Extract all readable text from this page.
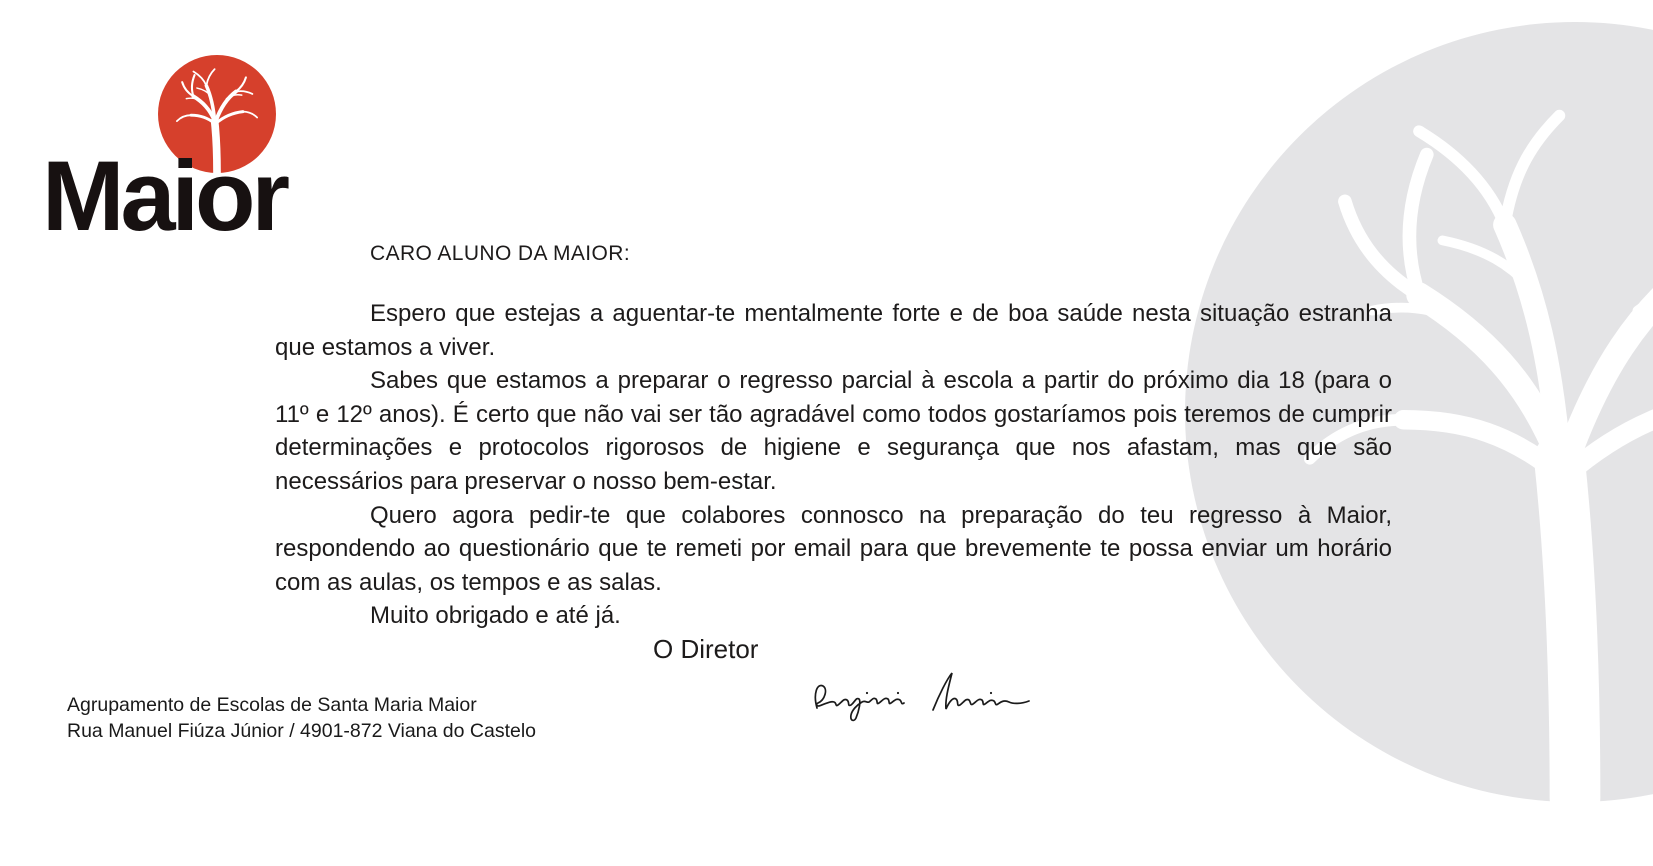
Maior

CARO ALUNO DA MAIOR:

Espero que estejas a aguentar-te mentalmente forte e de boa saúde nesta situação estranha que estamos a viver.

Sabes que estamos a preparar o regresso parcial à escola a partir do próximo dia 18 (para o 11º e 12º anos). É certo que não vai ser tão agradável como todos gostaríamos pois teremos de cumprir determinações e protocolos rigorosos de higiene e segurança que nos afastam, mas que são necessários para preservar o nosso bem-estar.

Quero agora pedir-te que colabores connosco na preparação do teu regresso à Maior, respondendo ao questionário que te remeti por email para que brevemente te possa enviar um horário com as aulas, os tempos e as salas.

Muito obrigado e até já.

O Diretor

Agrupamento de Escolas de Santa Maria Maior
Rua Manuel Fiúza Júnior / 4901-872 Viana do Castelo
